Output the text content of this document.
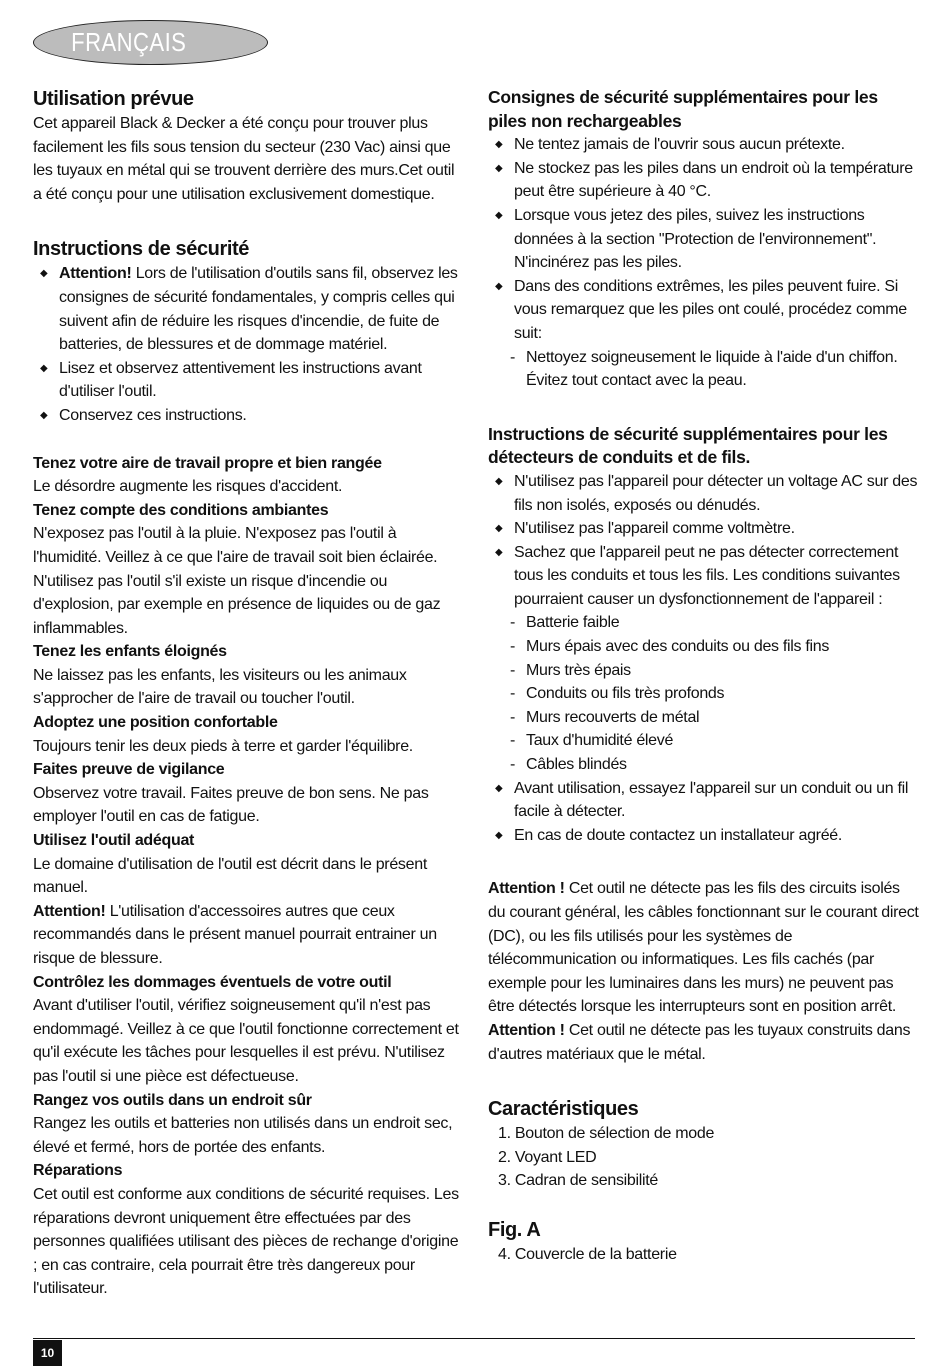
FRANÇAIS
Utilisation prévue

Cet appareil Black & Decker a été conçu pour trouver plus facilement les fils sous tension du secteur (230 Vac) ainsi que les tuyaux en métal qui se trouvent derrière des murs.Cet outil a été conçu pour une utilisation exclusivement domestique.

Instructions de sécurité
◆ Attention! Lors de l'utilisation d'outils sans fil, observez les consignes de sécurité fondamentales, y compris celles qui suivent afin de réduire les risques d'incendie, de fuite de batteries, de blessures et de dommage matériel.
◆ Lisez et observez attentivement les instructions avant d'utiliser l'outil.
◆ Conservez ces instructions.

Tenez votre aire de travail propre et bien rangée

Le désordre augmente les risques d'accident.

Tenez compte des conditions ambiantes

N'exposez pas l'outil à la pluie. N'exposez pas l'outil à l'humidité. Veillez à ce que l'aire de travail soit bien éclairée. N'utilisez pas l'outil s'il existe un risque d'incendie ou d'explosion, par exemple en présence de liquides ou de gaz inflammables.

Tenez les enfants éloignés

Ne laissez pas les enfants, les visiteurs ou les animaux s'approcher de l'aire de travail ou toucher l'outil.

Adoptez une position confortable

Toujours tenir les deux pieds à terre et garder l'équilibre.

Faites preuve de vigilance

Observez votre travail. Faites preuve de bon sens. Ne pas employer l'outil en cas de fatigue.

Utilisez l'outil adéquat

Le domaine d'utilisation de l'outil est décrit dans le présent manuel.

Attention! L'utilisation d'accessoires autres que ceux recommandés dans le présent manuel pourrait entrainer un risque de blessure.

Contrôlez les dommages éventuels de votre outil

Avant d'utiliser l'outil, vérifiez soigneusement qu'il n'est pas endommagé. Veillez à ce que l'outil fonctionne correctement et qu'il exécute les tâches pour lesquelles il est prévu. N'utilisez pas l'outil si une pièce est défectueuse.

Rangez vos outils dans un endroit sûr

Rangez les outils et batteries non utilisés dans un endroit sec, élevé et fermé, hors de portée des enfants.

Réparations

Cet outil est conforme aux conditions de sécurité requises. Les réparations devront uniquement être effectuées par des personnes qualifiées utilisant des pièces de rechange d'origine ; en cas contraire, cela pourrait être très dangereux pour l'utilisateur.

Consignes de sécurité supplémentaires pour les piles non rechargeables
◆ Ne tentez jamais de l'ouvrir sous aucun prétexte.
◆ Ne stockez pas les piles dans un endroit où la température peut être supérieure à 40 °C.
◆ Lorsque vous jetez des piles, suivez les instructions données à la section "Protection de l'environnement". N'incinérez pas les piles.
◆ Dans des conditions extrêmes, les piles peuvent fuire. Si vous remarquez que les piles ont coulé, procédez comme suit:
- Nettoyez soigneusement le liquide à l'aide d'un chiffon. Évitez tout contact avec la peau.
Instructions de sécurité supplémentaires pour les détecteurs de conduits et de fils.
◆ N'utilisez pas l'appareil pour détecter un voltage AC sur des fils non isolés, exposés ou dénudés.
◆ N'utilisez pas l'appareil comme voltmètre.
◆ Sachez que l'appareil peut ne pas détecter correctement tous les conduits et tous les fils. Les conditions suivantes pourraient causer un dysfonctionnement de l'appareil :
- Batterie faible
- Murs épais avec des conduits ou des fils fins
- Murs très épais
- Conduits ou fils très profonds
- Murs recouverts de métal
- Taux d'humidité élevé
- Câbles blindés
◆ Avant utilisation, essayez l'appareil sur un conduit ou un fil facile à détecter.
◆ En cas de doute contactez un installateur agréé.

Attention ! Cet outil ne détecte pas les fils des circuits isolés du courant général, les câbles fonctionnant sur le courant direct (DC), ou les fils utilisés pour les systèmes de télécommunication ou informatiques. Les fils cachés (par exemple pour les luminaires dans les murs) ne peuvent pas être détectés lorsque les interrupteurs sont en position arrêt.

Attention ! Cet outil ne détecte pas les tuyaux construits dans d'autres matériaux que le métal.

Caractéristiques
1. Bouton de sélection de mode
2. Voyant LED
3. Cadran de sensibilité
Fig. A
4. Couvercle de la batterie
10
